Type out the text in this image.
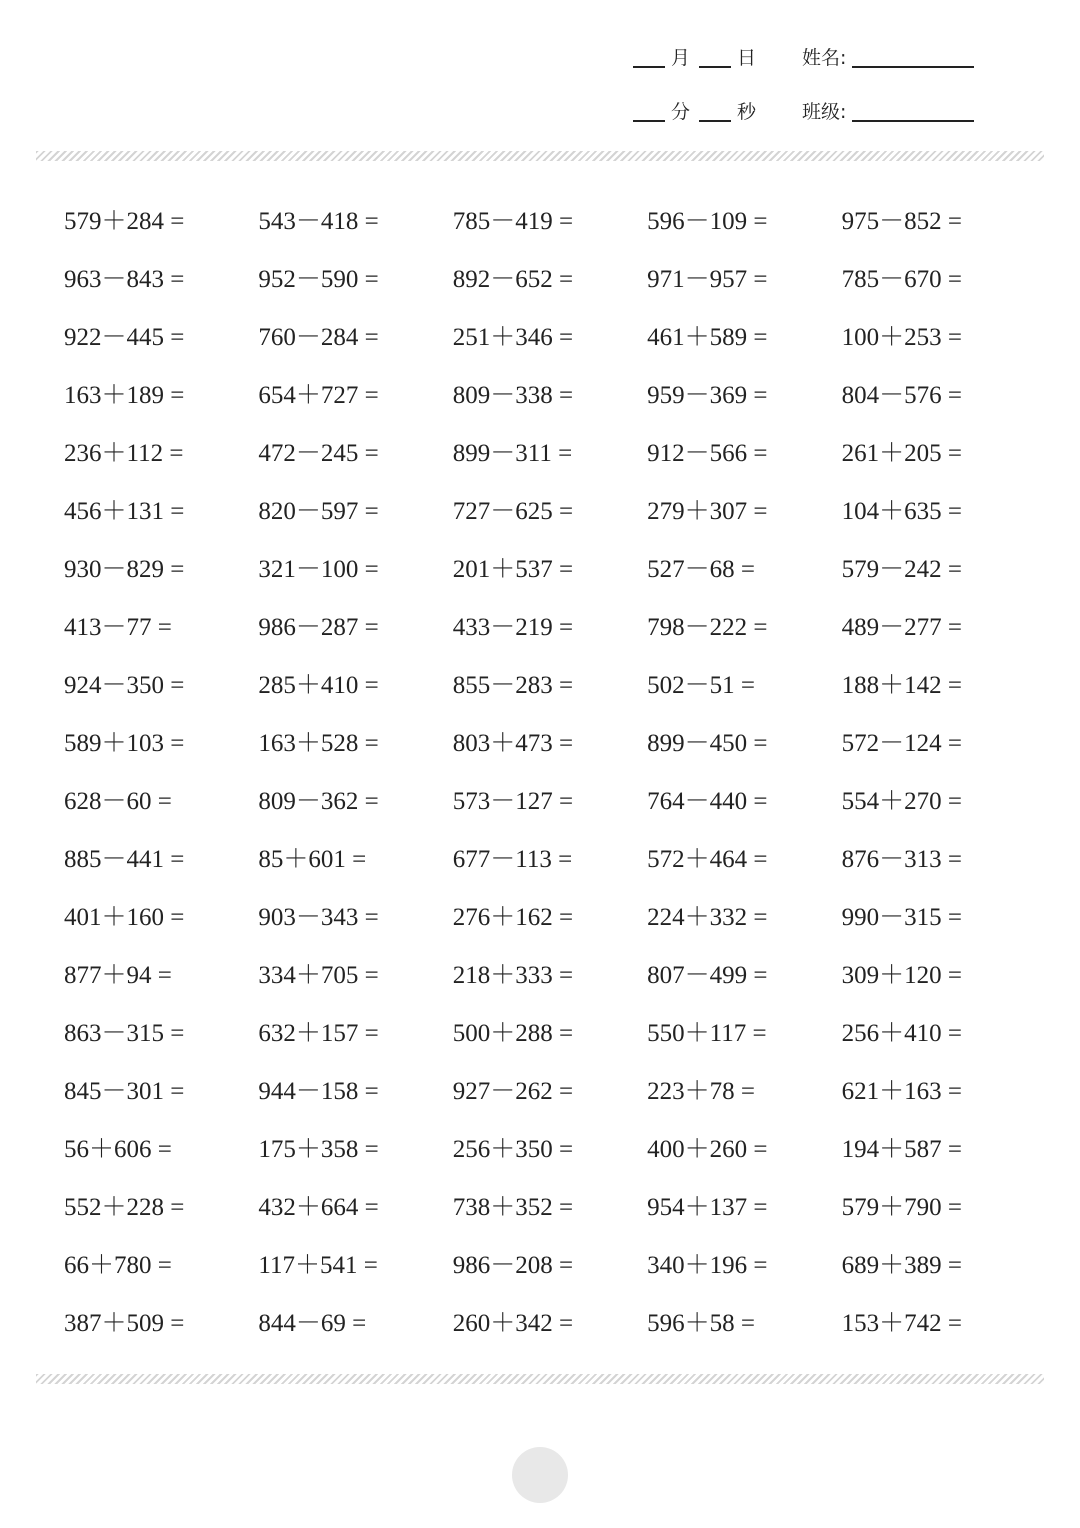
月 日 姓名:
分 秒 班级:
579＋284 =	543－418 =	785－419 =	596－109 =	975－852 =
963－843 =	952－590 =	892－652 =	971－957 =	785－670 =
922－445 =	760－284 =	251＋346 =	461＋589 =	100＋253 =
163＋189 =	654＋727 =	809－338 =	959－369 =	804－576 =
236＋112 =	472－245 =	899－311 =	912－566 =	261＋205 =
456＋131 =	820－597 =	727－625 =	279＋307 =	104＋635 =
930－829 =	321－100 =	201＋537 =	527－68 =	579－242 =
413－77 =	986－287 =	433－219 =	798－222 =	489－277 =
924－350 =	285＋410 =	855－283 =	502－51 =	188＋142 =
589＋103 =	163＋528 =	803＋473 =	899－450 =	572－124 =
628－60 =	809－362 =	573－127 =	764－440 =	554＋270 =
885－441 =	85＋601 =	677－113 =	572＋464 =	876－313 =
401＋160 =	903－343 =	276＋162 =	224＋332 =	990－315 =
877＋94 =	334＋705 =	218＋333 =	807－499 =	309＋120 =
863－315 =	632＋157 =	500＋288 =	550＋117 =	256＋410 =
845－301 =	944－158 =	927－262 =	223＋78 =	621＋163 =
56＋606 =	175＋358 =	256＋350 =	400＋260 =	194＋587 =
552＋228 =	432＋664 =	738＋352 =	954＋137 =	579＋790 =
66＋780 =	117＋541 =	986－208 =	340＋196 =	689＋389 =
387＋509 =	844－69 =	260＋342 =	596＋58 =	153＋742 =
